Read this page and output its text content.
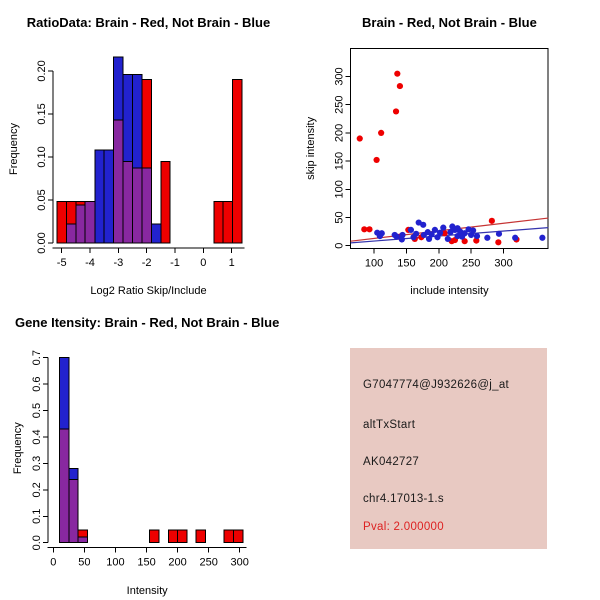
-5 -4 -3 -2 -1 0 1
0.00
0.05
0.10
0.15
0.20
RatioData: Brain - Red, Not Brain - Blue
Log2 Ratio Skip/Include
Frequency
100 150 200 250 300
0
50
100
150
200
250
300
Brain - Red, Not Brain - Blue
include intensity
skip intensity
0 50 100 150 200 250 300
0.0
0.1
0.2
0.3
0.4
0.5
0.6
0.7
Gene Itensity: Brain - Red, Not Brain - Blue
Intensity
Frequency
G7047774@J932626@j_at
altTxStart
AK042727
chr4.17013-1.s
Pval: 2.000000
